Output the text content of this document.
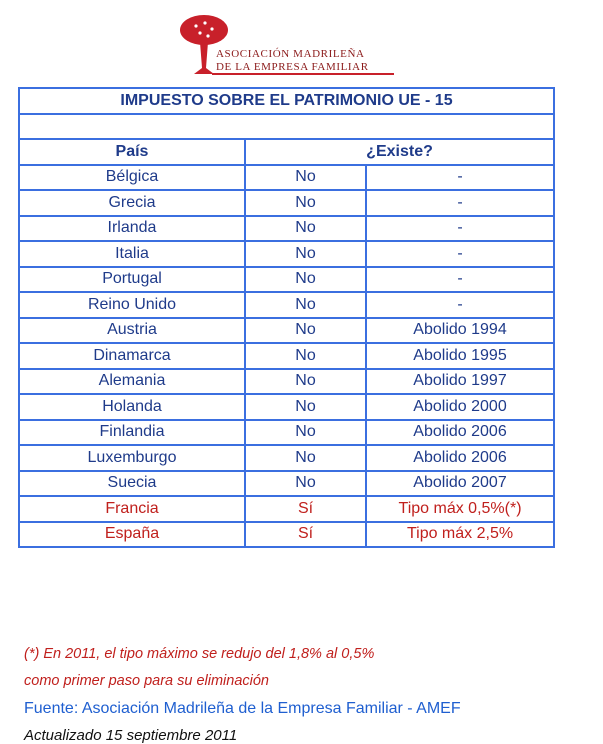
ASOCIACIÓN MADRILEÑA
DE LA EMPRESA FAMILIAR
IMPUESTO SOBRE EL PATRIMONIO UE - 15		

País	¿Existe?	
Bélgica	No	-
Grecia	No	-
Irlanda	No	-
Italia	No	-
Portugal	No	-
Reino Unido	No	-
Austria	No	Abolido 1994
Dinamarca	No	Abolido 1995
Alemania	No	Abolido 1997
Holanda	No	Abolido 2000
Finlandia	No	Abolido 2006
Luxemburgo	No	Abolido 2006
Suecia	No	Abolido 2007
Francia	Sí	Tipo máx 0,5%(*)
España	Sí	Tipo máx 2,5%
(*) En 2011, el tipo máximo se redujo del 1,8% al 0,5%
como primer paso para su eliminación
Fuente: Asociación Madrileña de la Empresa Familiar - AMEF
Actualizado 15 septiembre 2011
